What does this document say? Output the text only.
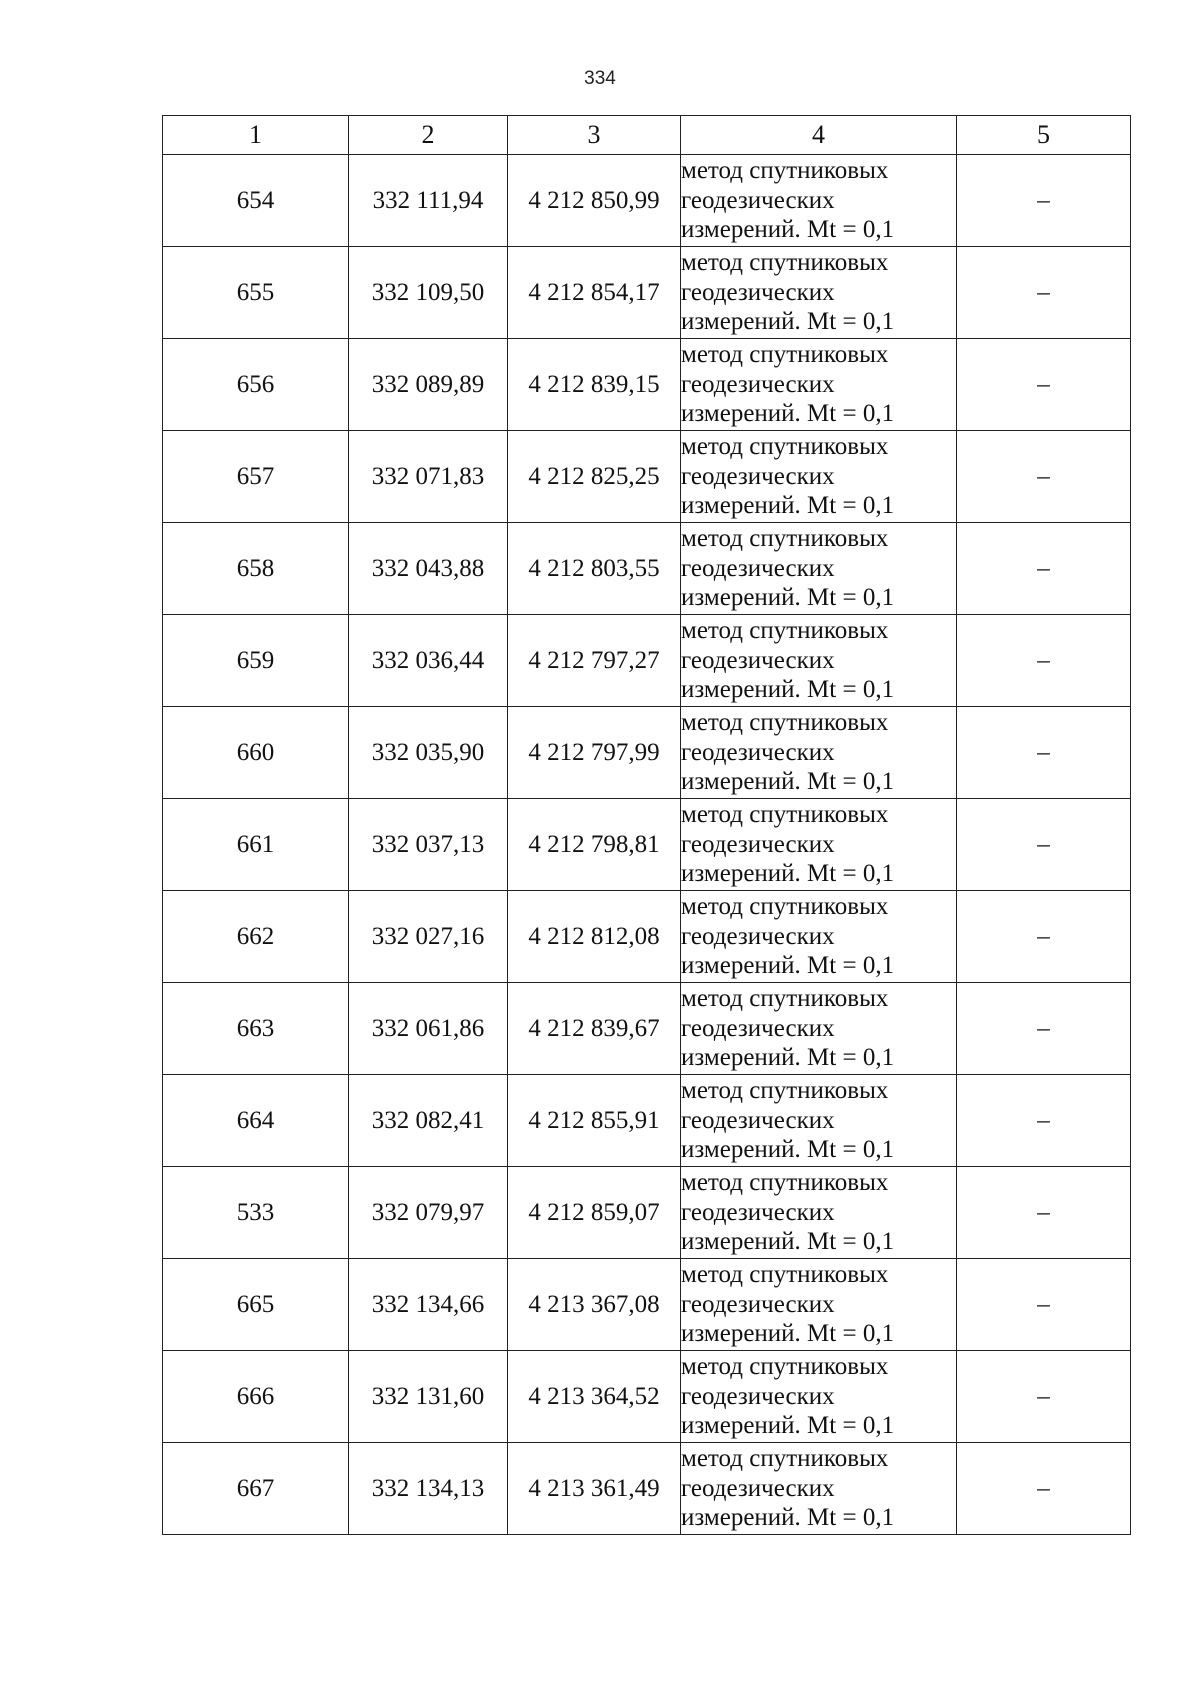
334
1	2	3	4	5
654	332 111,94	4 212 850,99	метод спутниковых
геодезических
измерений. Mt = 0,1	–
655	332 109,50	4 212 854,17	метод спутниковых
геодезических
измерений. Mt = 0,1	–
656	332 089,89	4 212 839,15	метод спутниковых
геодезических
измерений. Mt = 0,1	–
657	332 071,83	4 212 825,25	метод спутниковых
геодезических
измерений. Mt = 0,1	–
658	332 043,88	4 212 803,55	метод спутниковых
геодезических
измерений. Mt = 0,1	–
659	332 036,44	4 212 797,27	метод спутниковых
геодезических
измерений. Mt = 0,1	–
660	332 035,90	4 212 797,99	метод спутниковых
геодезических
измерений. Mt = 0,1	–
661	332 037,13	4 212 798,81	метод спутниковых
геодезических
измерений. Mt = 0,1	–
662	332 027,16	4 212 812,08	метод спутниковых
геодезических
измерений. Mt = 0,1	–
663	332 061,86	4 212 839,67	метод спутниковых
геодезических
измерений. Mt = 0,1	–
664	332 082,41	4 212 855,91	метод спутниковых
геодезических
измерений. Mt = 0,1	–
533	332 079,97	4 212 859,07	метод спутниковых
геодезических
измерений. Mt = 0,1	–
665	332 134,66	4 213 367,08	метод спутниковых
геодезических
измерений. Mt = 0,1	–
666	332 131,60	4 213 364,52	метод спутниковых
геодезических
измерений. Mt = 0,1	–
667	332 134,13	4 213 361,49	метод спутниковых
геодезических
измерений. Mt = 0,1	–
